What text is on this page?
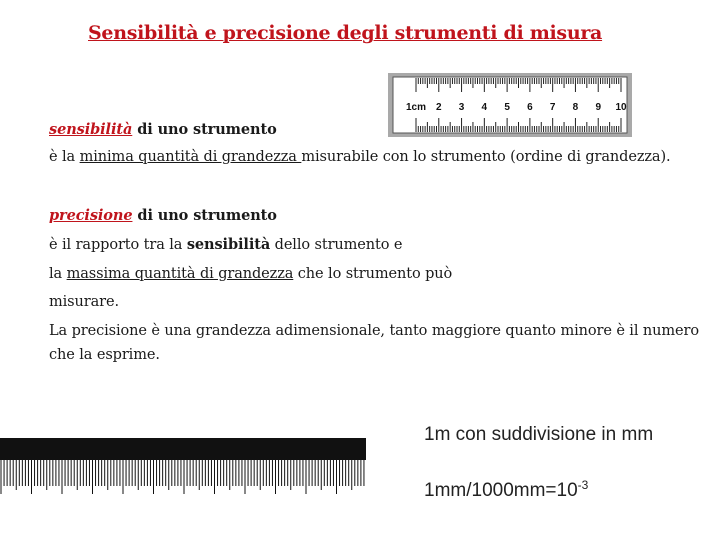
Sensibilità e precisione degli strumenti di misura
1cm 2 3 4 5 6 7 8 9 10
sensibilità di uno strumento
è la minima quantità di grandezza misurabile con lo strumento (ordine di grandezza).
precisione di uno strumento
è il rapporto tra la sensibilità dello strumento e
la massima quantità di grandezza che lo strumento può
misurare.
La precisione è una grandezza adimensionale, tanto maggiore quanto minore è il numero
che la esprime.
1m con suddivisione in mm
$1mm/1000mm=10^{-3}$
